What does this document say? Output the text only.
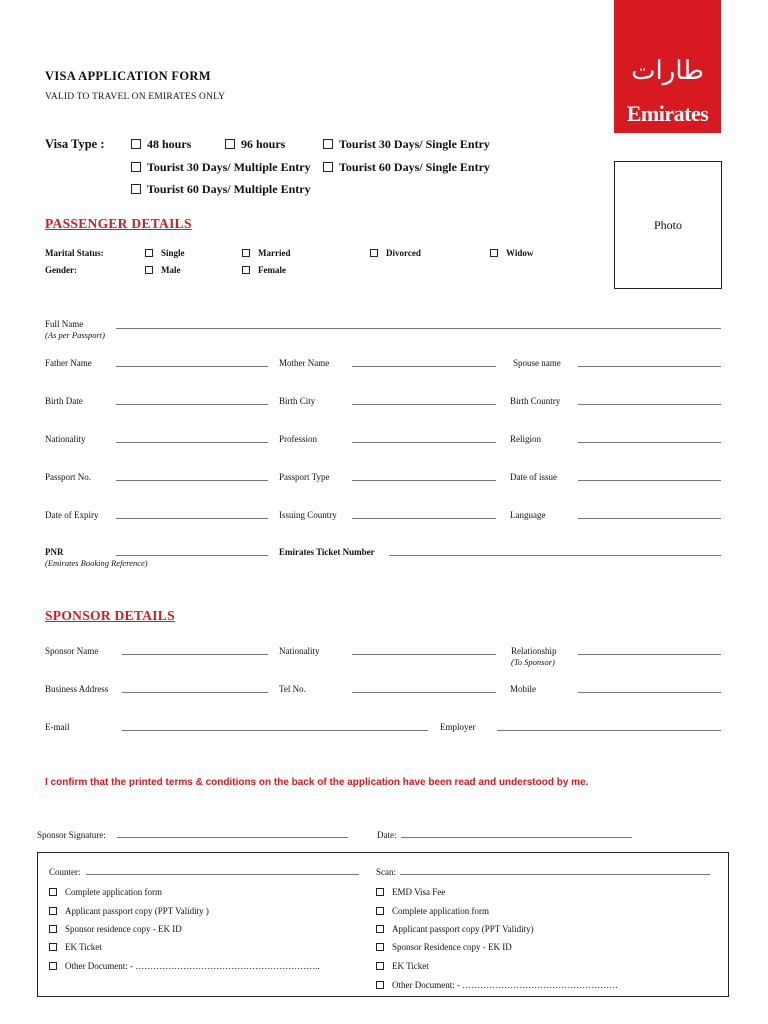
ﻃﺎﺭﺍﺕ
Emirates
VISA APPLICATION FORM
VALID TO TRAVEL ON EMIRATES ONLY
Visa Type :	48 hours	96 hours	Tourist 30 Days/ Single Entry
Tourist 30 Days/ Multiple Entry	Tourist 60 Days/ Single Entry
Tourist 60 Days/ Multiple Entry
Photo
PASSENGER DETAILS
Marital Status:	Single	Married	Divorced	Widow
Gender:	Male	Female
Full Name
(As per Passport)
Father Name	Mother Name	Spouse name
Birth Date	Birth City	Birth Country
Nationality	Profession	Religion
Passport No.	Passport Type	Date of issue
Date of Expiry	Issuing Country	Language
PNR
(Emirates Booking Reference)
Emirates Ticket Number
SPONSOR DETAILS
Sponsor Name	Nationality	Relationship
(To Sponsor)
Business Address	Tel No.	Mobile
E-mail	Employer
I confirm that the printed terms & conditions on the back of the application have been read and understood by me.
Sponsor Signature:	Date:
Counter:	Scan:
Complete application form
Applicant passport copy (PPT Validity )
Sponsor residence copy - EK ID
EK Ticket
Other Document: - ……………………………………………………..
EMD Visa Fee
Complete application form
Applicant passport copy (PPT Validity)
Sponsor Residence copy - EK ID
EK Ticket
Other Document: - …………………………………………….
